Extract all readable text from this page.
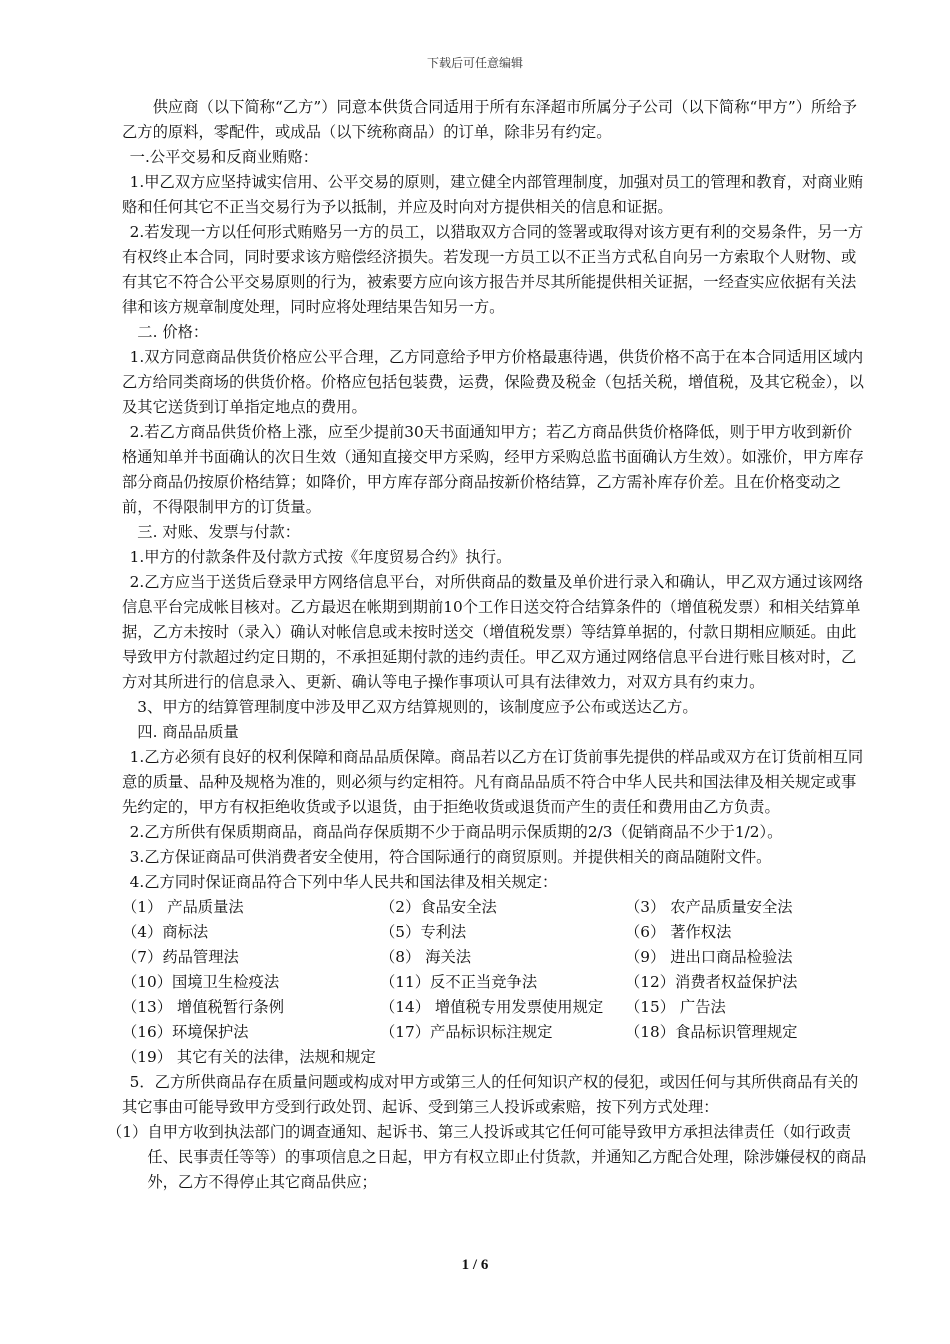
下载后可任意编辑

供应商（以下简称“乙方”）同意本供货合同适用于所有东泽超市所属分子公司（以下简称“甲方”）所给予乙方的原料，零配件，或成品（以下统称商品）的订单，除非另有约定。

一.公平交易和反商业贿赂：

1.甲乙双方应坚持诚实信用、公平交易的原则，建立健全内部管理制度，加强对员工的管理和教育，对商业贿赂和任何其它不正当交易行为予以抵制，并应及时向对方提供相关的信息和证据。

2.若发现一方以任何形式贿赂另一方的员工，以猎取双方合同的签署或取得对该方更有利的交易条件，另一方有权终止本合同，同时要求该方赔偿经济损失。若发现一方员工以不正当方式私自向另一方索取个人财物、或有其它不符合公平交易原则的行为，被索要方应向该方报告并尽其所能提供相关证据，一经查实应依据有关法律和该方规章制度处理，同时应将处理结果告知另一方。

二. 价格：

1.双方同意商品供货价格应公平合理，乙方同意给予甲方价格最惠待遇，供货价格不高于在本合同适用区域内乙方给同类商场的供货价格。价格应包括包装费，运费，保险费及税金（包括关税，增值税，及其它税金），以及其它送货到订单指定地点的费用。

2.若乙方商品供货价格上涨，应至少提前30天书面通知甲方；若乙方商品供货价格降低，则于甲方收到新价格通知单并书面确认的次日生效（通知直接交甲方采购，经甲方采购总监书面确认方生效）。如涨价，甲方库存部分商品仍按原价格结算；如降价，甲方库存部分商品按新价格结算，乙方需补库存价差。且在价格变动之前，不得限制甲方的订货量。

三. 对账、发票与付款：

1.甲方的付款条件及付款方式按《年度贸易合约》执行。

2.乙方应当于送货后登录甲方网络信息平台，对所供商品的数量及单价进行录入和确认，甲乙双方通过该网络信息平台完成帐目核对。乙方最迟在帐期到期前10个工作日送交符合结算条件的（增值税发票）和相关结算单据，乙方未按时（录入）确认对帐信息或未按时送交（增值税发票）等结算单据的，付款日期相应顺延。由此导致甲方付款超过约定日期的，不承担延期付款的违约责任。甲乙双方通过网络信息平台进行账目核对时，乙方对其所进行的信息录入、更新、确认等电子操作事项认可具有法律效力，对双方具有约束力。

3、甲方的结算管理制度中涉及甲乙双方结算规则的，该制度应予公布或送达乙方。

四. 商品品质量

1.乙方必须有良好的权利保障和商品品质保障。商品若以乙方在订货前事先提供的样品或双方在订货前相互同意的质量、品种及规格为准的，则必须与约定相符。凡有商品品质不符合中华人民共和国法律及相关规定或事先约定的，甲方有权拒绝收货或予以退货，由于拒绝收货或退货而产生的责任和费用由乙方负责。

2.乙方所供有保质期商品，商品尚存保质期不少于商品明示保质期的2/3（促销商品不少于1/2）。

3.乙方保证商品可供消费者安全使用，符合国际通行的商贸原则。并提供相关的商品随附文件。

4.乙方同时保证商品符合下列中华人民共和国法律及相关规定：

（1） 产品质量法	（2）食品安全法	（3） 农产品质量安全法
（4）商标法	（5）专利法	（6） 著作权法
（7）药品管理法	（8） 海关法	（9） 进出口商品检验法
（10）国境卫生检疫法	（11）反不正当竞争法	（12）消费者权益保护法
（13） 增值税暂行条例	（14） 增值税专用发票使用规定	（15） 广告法
（16）环境保护法	（17）产品标识标注规定	（18）食品标识管理规定

（19） 其它有关的法律，法规和规定

5．乙方所供商品存在质量问题或构成对甲方或第三人的任何知识产权的侵犯，或因任何与其所供商品有关的其它事由可能导致甲方受到行政处罚、起诉、受到第三人投诉或索赔，按下列方式处理：

（1） 自甲方收到执法部门的调查通知、起诉书、第三人投诉或其它任何可能导致甲方承担法律责任（如行政责任、民事责任等等）的事项信息之日起，甲方有权立即止付货款，并通知乙方配合处理，除涉嫌侵权的商品外，乙方不得停止其它商品供应；
1 / 6
